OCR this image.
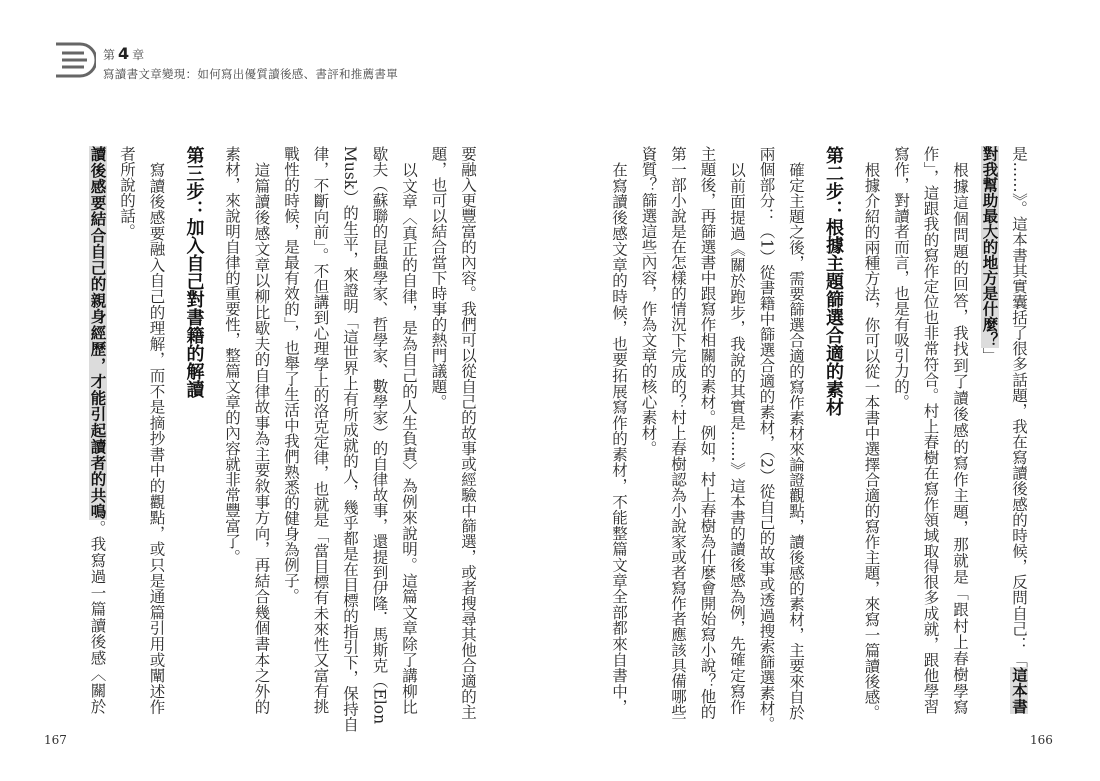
第 4 章
寫讀書文章變現：如何寫出優質讀後感、書評和推薦書單
是……》。這本書其實囊括了很多話題，我在寫讀後感的時候，反問自己：「這本書
對我幫助最大的地方是什麼？」
根據這個問題的回答，我找到了讀後感的寫作主題，那就是「跟村上春樹學寫
作」，這跟我的寫作定位也非常符合。村上春樹在寫作領域取得很多成就，跟他學習
寫作，對讀者而言，也是有吸引力的。
根據介紹的兩種方法，你可以從一本書中選擇合適的寫作主題，來寫一篇讀後感。
第二步：根據主題篩選合適的素材
確定主題之後，需要篩選合適的寫作素材來論證觀點，讀後感的素材，主要來自於
兩個部分：（1）從書籍中篩選合適的素材，（2）從自己的故事或透過搜索篩選素材。
以前面提過《關於跑步，我說的其實是……》這本書的讀後感為例，先確定寫作
主題後，再篩選書中跟寫作相關的素材。例如，村上春樹為什麼會開始寫小說？他的
第一部小說是在怎樣的情況下完成的？村上春樹認為小說家或者寫作者應該具備哪些
資質？篩選這些內容，作為文章的核心素材。
在寫讀後感文章的時候，也要拓展寫作的素材，不能整篇文章全部都來自書中，
要融入更豐富的內容。我們可以從自己的故事或經驗中篩選，或者搜尋其他合適的主
題，也可以結合當下時事的熱門議題。
以文章〈真正的自律，是為自己的人生負責〉為例來說明。這篇文章除了講柳比
歇夫（蘇聯的昆蟲學家、哲學家、數學家）的自律故事，還提到伊隆．馬斯克（Elon
Musk）的生平，來證明「這世界上有所成就的人，幾乎都是在目標的指引下，保持自
律，不斷向前」。不但講到心理學上的洛克定律，也就是「當目標有未來性又富有挑
戰性的時候，是最有效的」，也舉了生活中我們熟悉的健身為例子。
這篇讀後感文章以柳比歇夫的自律故事為主要敘事方向，再結合幾個書本之外的
素材，來說明自律的重要性，整篇文章的內容就非常豐富了。
第三步：加入自己對書籍的解讀
寫讀後感要融入自己的理解，而不是摘抄書中的觀點，或只是通篇引用或闡述作
者所說的話。
讀後感要結合自己的親身經歷，才能引起讀者的共鳴。我寫過一篇讀後感〈關於
167	166
